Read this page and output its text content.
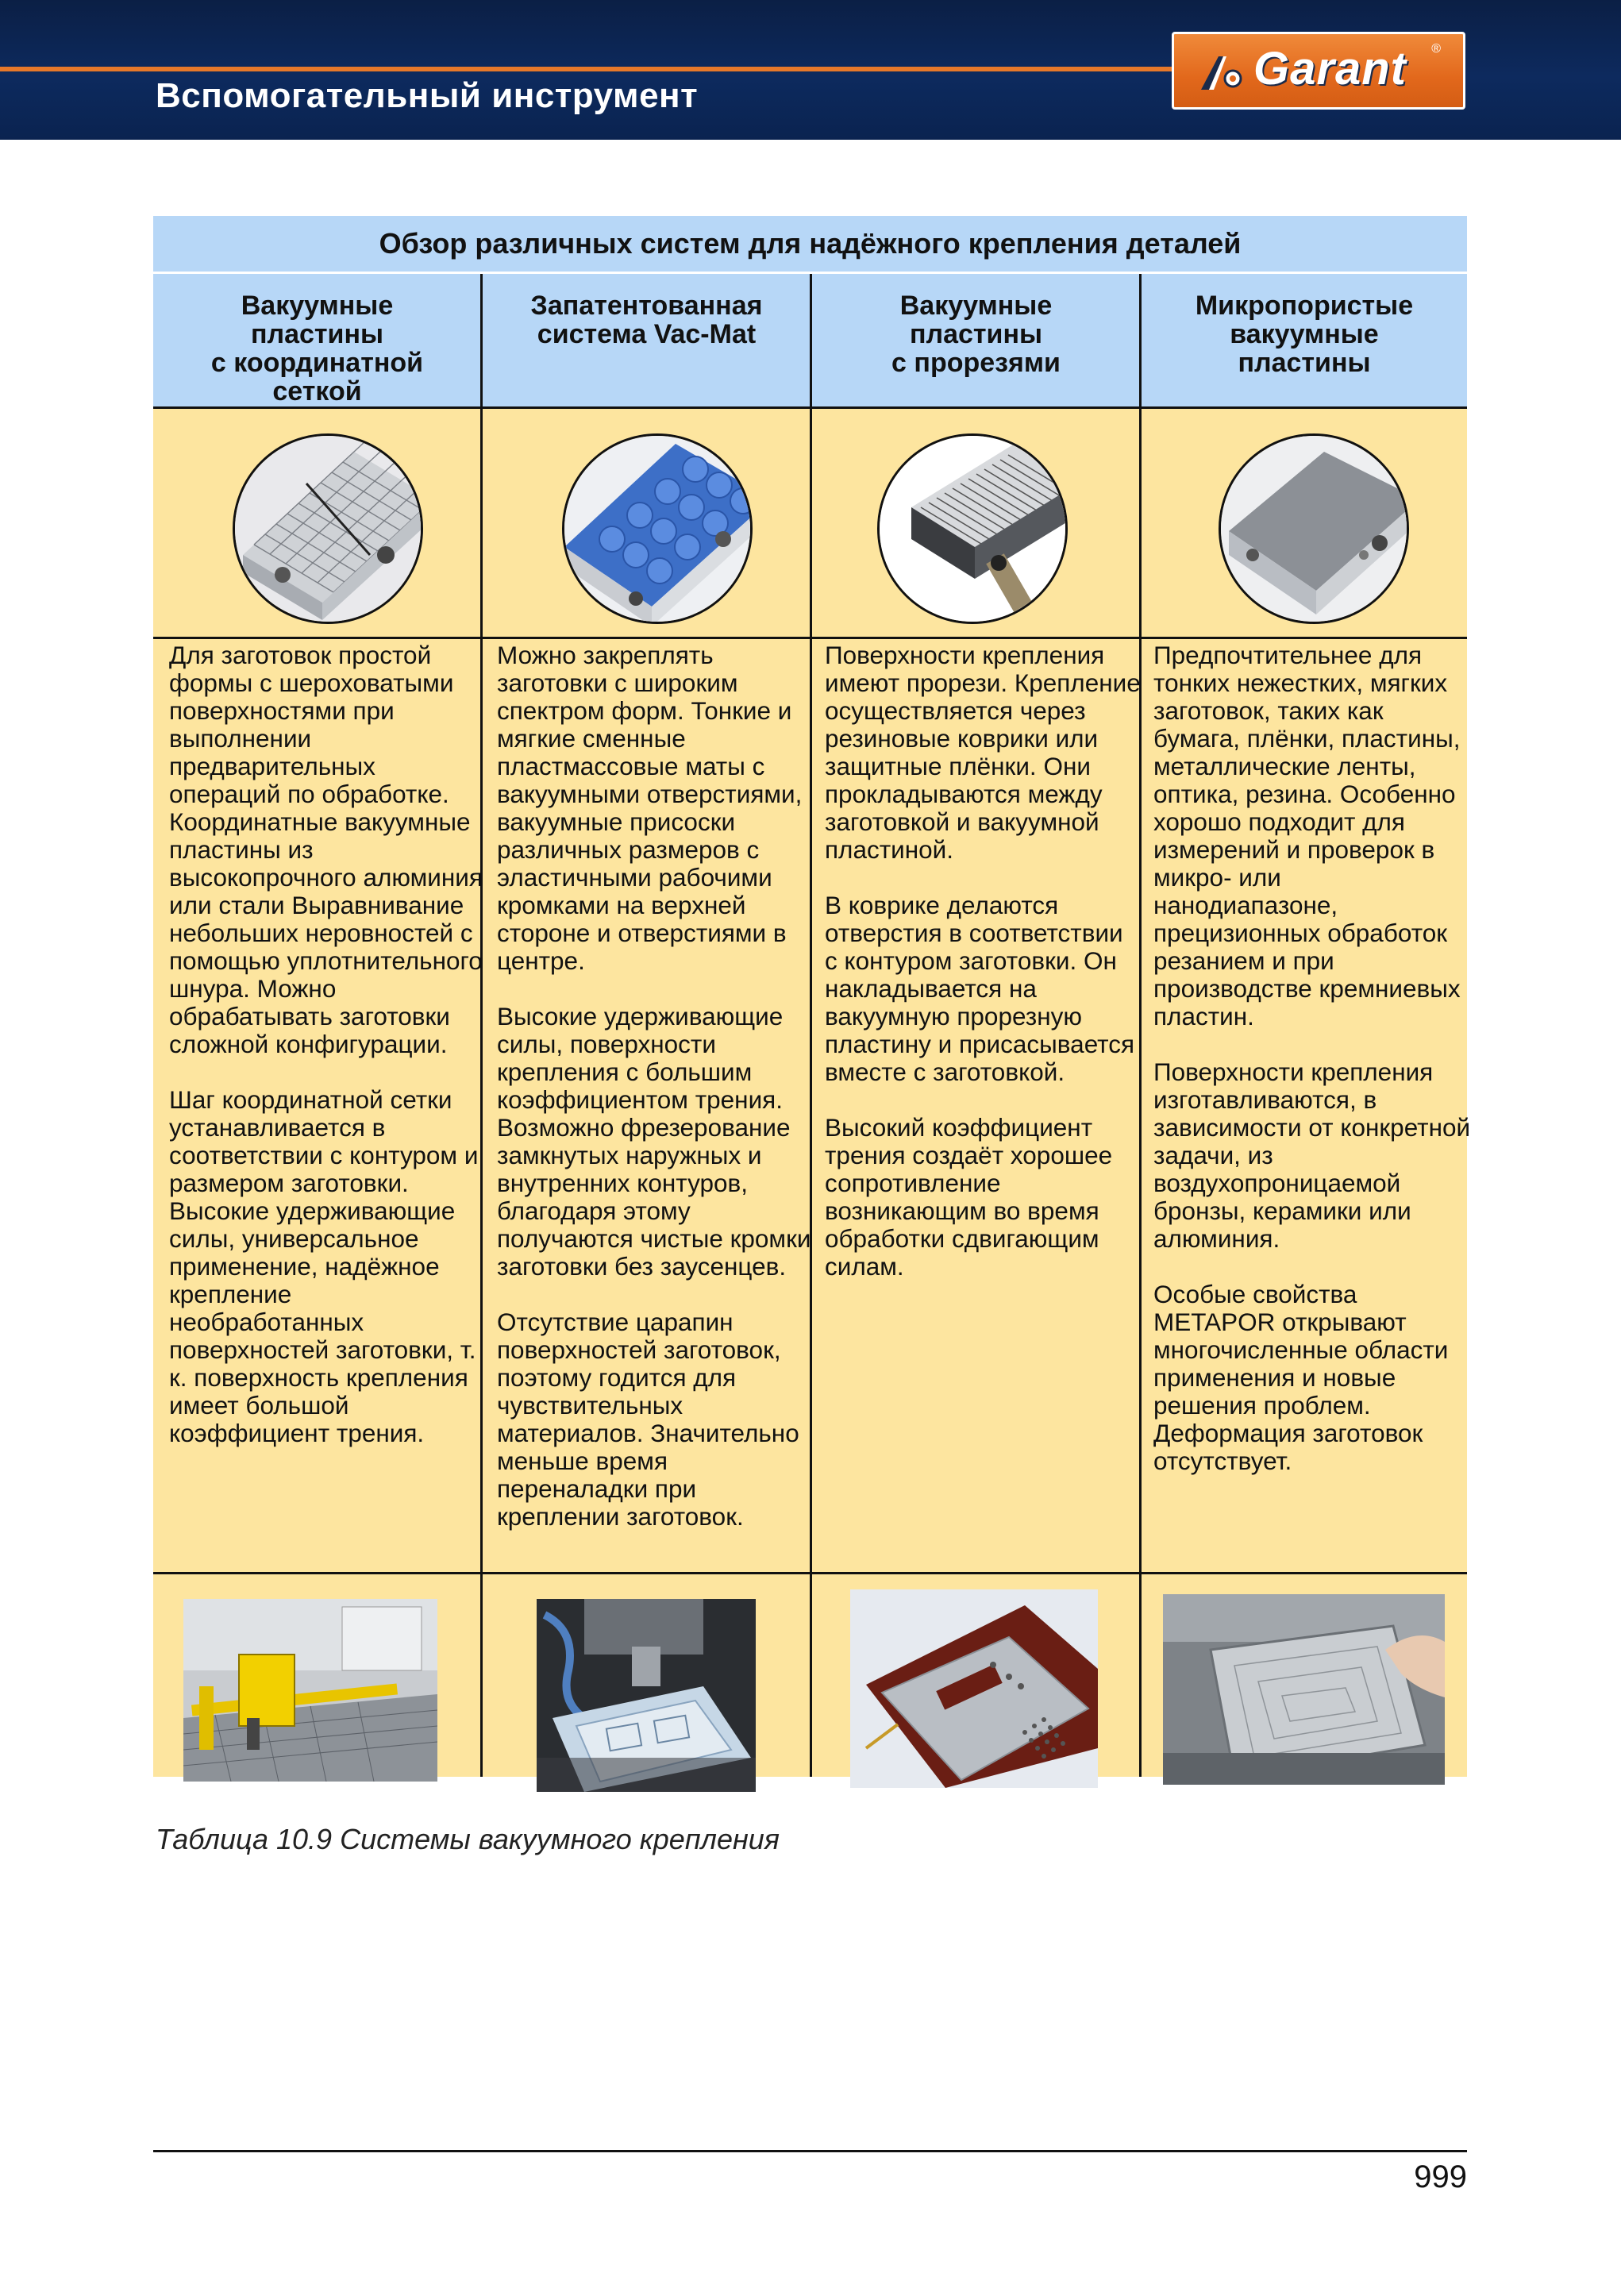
Вспомогательный инструмент
Garant ®
Обзор различных систем для надёжного крепления деталей
Вакуумные
пластины
с координатной
сеткой
Запатентованная
система Vac-Mat
Вакуумные
пластины
с прорезями
Микропористые
вакуумные
пластины

Для заготовок простой формы с шероховатыми поверхностями при выполнении предварительных операций по обработке. Координатные вакуумные пластины из высокопрочного алюминия или стали Выравнивание небольших неровностей с помощью уплотнительного шнура. Можно обрабатывать заготовки сложной конфигурации.

Шаг координатной сетки устанавливается в соответствии с контуром и размером заготовки. Высокие удерживающие силы, универсальное применение, надёжное крепление необработанных поверхностей заготовки, т. к. поверхность крепления имеет большой коэффициент трения.

Можно закреплять заготовки с широким спектром форм. Тонкие и мягкие сменные пластмассовые маты с вакуумными отверстиями, вакуумные присоски различных размеров с эластичными рабочими кромками на верхней стороне и отверстиями в центре.

Высокие удерживающие силы, поверхности крепления с большим коэффициентом трения. Возможно фрезерование замкнутых наружных и внутренних контуров, благодаря этому получаются чистые кромки заготовки без заусенцев.

Отсутствие царапин поверхностей заготовок, поэтому годится для чувствительных материалов. Значительно меньше время переналадки при креплении заготовок.

Поверхности крепления имеют прорези. Крепление осуществляется через резиновые коврики или защитные плёнки. Они прокладываются между заготовкой и вакуумной пластиной.

В коврике делаются отверстия в соответствии с контуром заготовки. Он накладывается на вакуумную прорезную пластину и присасывается вместе с заготовкой.

Высокий коэффициент трения создаёт хорошее сопротивление возникающим во время обработки сдвигающим силам.

Предпочтительнее для тонких нежестких, мягких заготовок, таких как бумага, плёнки, пластины, металлические ленты, оптика, резина. Особенно хорошо подходит для измерений и проверок в микро- или нанодиапазоне, прецизионных обработок резанием и при производстве кремниевых пластин.

Поверхности крепления изготавливаются, в зависимости от конкретной задачи, из воздухопроницаемой бронзы, керамики или алюминия.

Особые свойства METAPOR открывают многочисленные области применения и новые решения проблем. Деформация заготовок отсутствует.

Таблица 10.9 Системы вакуумного крепления
999
